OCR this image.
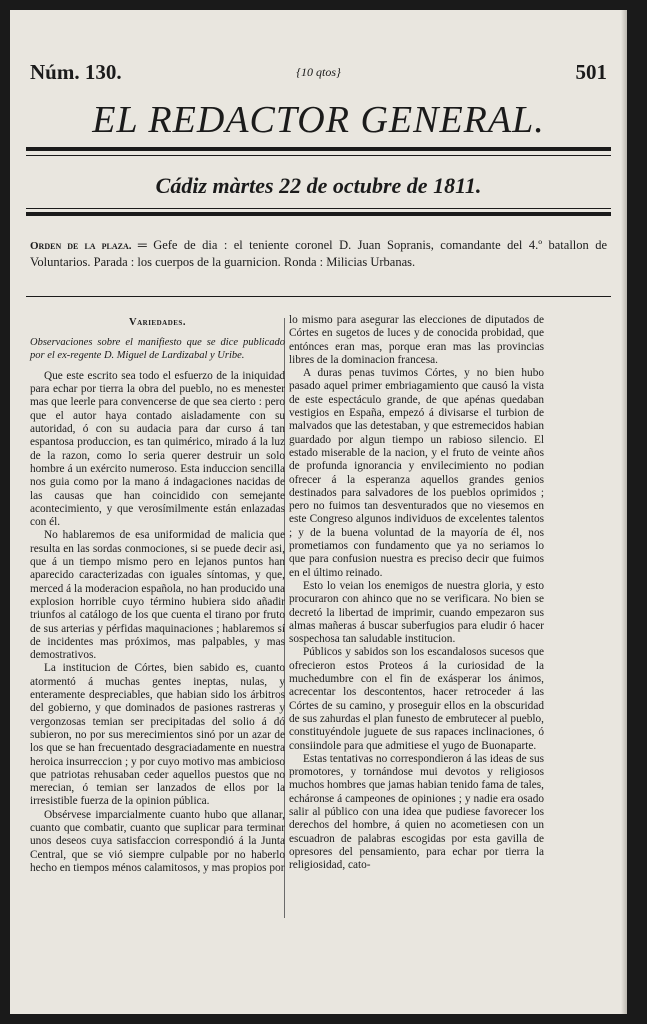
Núm. 130.	{10 qtos}	501
EL REDACTOR GENERAL.
Cádiz màrtes 22 de octubre de 1811.
Orden de la plaza. ═ Gefe de dia : el teniente coronel D. Juan Sopranis, comandante del 4.º batallon de Voluntarios. Parada : los cuerpos de la guarnicion. Ronda : Milicias Urbanas.
Variedades.
Observaciones sobre el manifiesto que se dice publicado por el ex-regente D. Miguel de Lardizabal y Uribe.

Que este escrito sea todo el esfuerzo de la iniquidad para echar por tierra la obra del pueblo, no es menester mas que leerle para convencerse de que sea cierto : pero que el autor haya contado aisladamente con su autoridad, ó con su audacia para dar curso á tan espantosa produccion, es tan quimérico, mirado á la luz de la razon, como lo seria querer destruir un solo hombre á un exército numeroso. Esta induccion sencilla nos guia como por la mano á indagaciones nacidas de las causas que han coincidido con semejante acontecimiento, y que verosímilmente están enlazadas con él.

No hablaremos de esa uniformidad de malicia que resulta en las sordas conmociones, si se puede decir asi, que á un tiempo mismo pero en lejanos puntos han aparecido caracterizadas con iguales síntomas, y que, merced á la moderacion española, no han producido una explosion horrible cuyo término hubiera sido añadir triunfos al catálogo de los que cuenta el tirano por fruto de sus arterias y pérfidas maquinaciones ; hablaremos sí de incidentes mas próximos, mas palpables, y mas demostrativos.

La institucion de Córtes, bien sabido es, cuanto atormentó á muchas gentes ineptas, nulas, y enteramente despreciables, que habian sido los árbitros del gobierno, y que dominados de pasiones rastreras y vergonzosas temian ser precipitadas del solio á dó subieron, no por sus merecimientos sinó por un azar de los que se han frecuentado desgraciadamente en nuestra heroica insurreccion ; y por cuyo motivo mas ambicioso que patriotas rehusaban ceder aquellos puestos que no merecian, ó temian ser lanzados de ellos por la irresistible fuerza de la opinion pública.

Obsérvese imparcialmente cuanto hubo que allanar, cuanto que combatir, cuanto que suplicar para terminar unos deseos cuya satisfaccion correspondió á la Junta Central, que se vió siempre culpable por no haberlo hecho en tiempos ménos calamitosos, y mas propios por

lo mismo para asegurar las elecciones de diputados de Córtes en sugetos de luces y de conocida probidad, que entónces eran mas, porque eran mas las provincias libres de la dominacion francesa.

A duras penas tuvimos Córtes, y no bien hubo pasado aquel primer embriagamiento que causó la vista de este espectáculo grande, de que apénas quedaban vestigios en España, empezó á divisarse el turbion de malvados que las detestaban, y que estremecidos habian guardado por algun tiempo un rabioso silencio. El estado miserable de la nacion, y el fruto de veinte años de profunda ignorancia y envilecimiento no podian ofrecer á la esperanza aquellos grandes genios destinados para salvadores de los pueblos oprimidos ; pero no fuimos tan desventurados que no viesemos en este Congreso algunos individuos de excelentes talentos ; y de la buena voluntad de la mayoría de él, nos prometiamos con fundamento que ya no seriamos lo que para confusion nuestra es preciso decir que fuimos en el último reinado.

Esto lo veian los enemigos de nuestra gloria, y esto procuraron con ahinco que no se verificara. No bien se decretó la libertad de imprimir, cuando empezaron sus almas mañeras á buscar suberfugios para eludir ó hacer sospechosa tan saludable institucion.

Públicos y sabidos son los escandalosos sucesos que ofrecieron estos Proteos á la curiosidad de la muchedumbre con el fin de exásperar los ánimos, acrecentar los descontentos, hacer retroceder á las Córtes de su camino, y proseguir ellos en la obscuridad de sus zahurdas el plan funesto de embrutecer al pueblo, constituyéndole juguete de sus rapaces inclinaciones, ó consiindole para que admitiese el yugo de Buonaparte.

Estas tentativas no correspondieron á las ideas de sus promotores, y tornándose mui devotos y religiosos muchos hombres que jamas habian tenido fama de tales, echáronse á campeones de opiniones ; y nadie era osado salir al público con una idea que pudiese favorecer los derechos del hombre, á quien no acometiesen con un escuadron de palabras escogidas por esta gavilla de opresores del pensamiento, para echar por tierra la religiosidad, cato-
